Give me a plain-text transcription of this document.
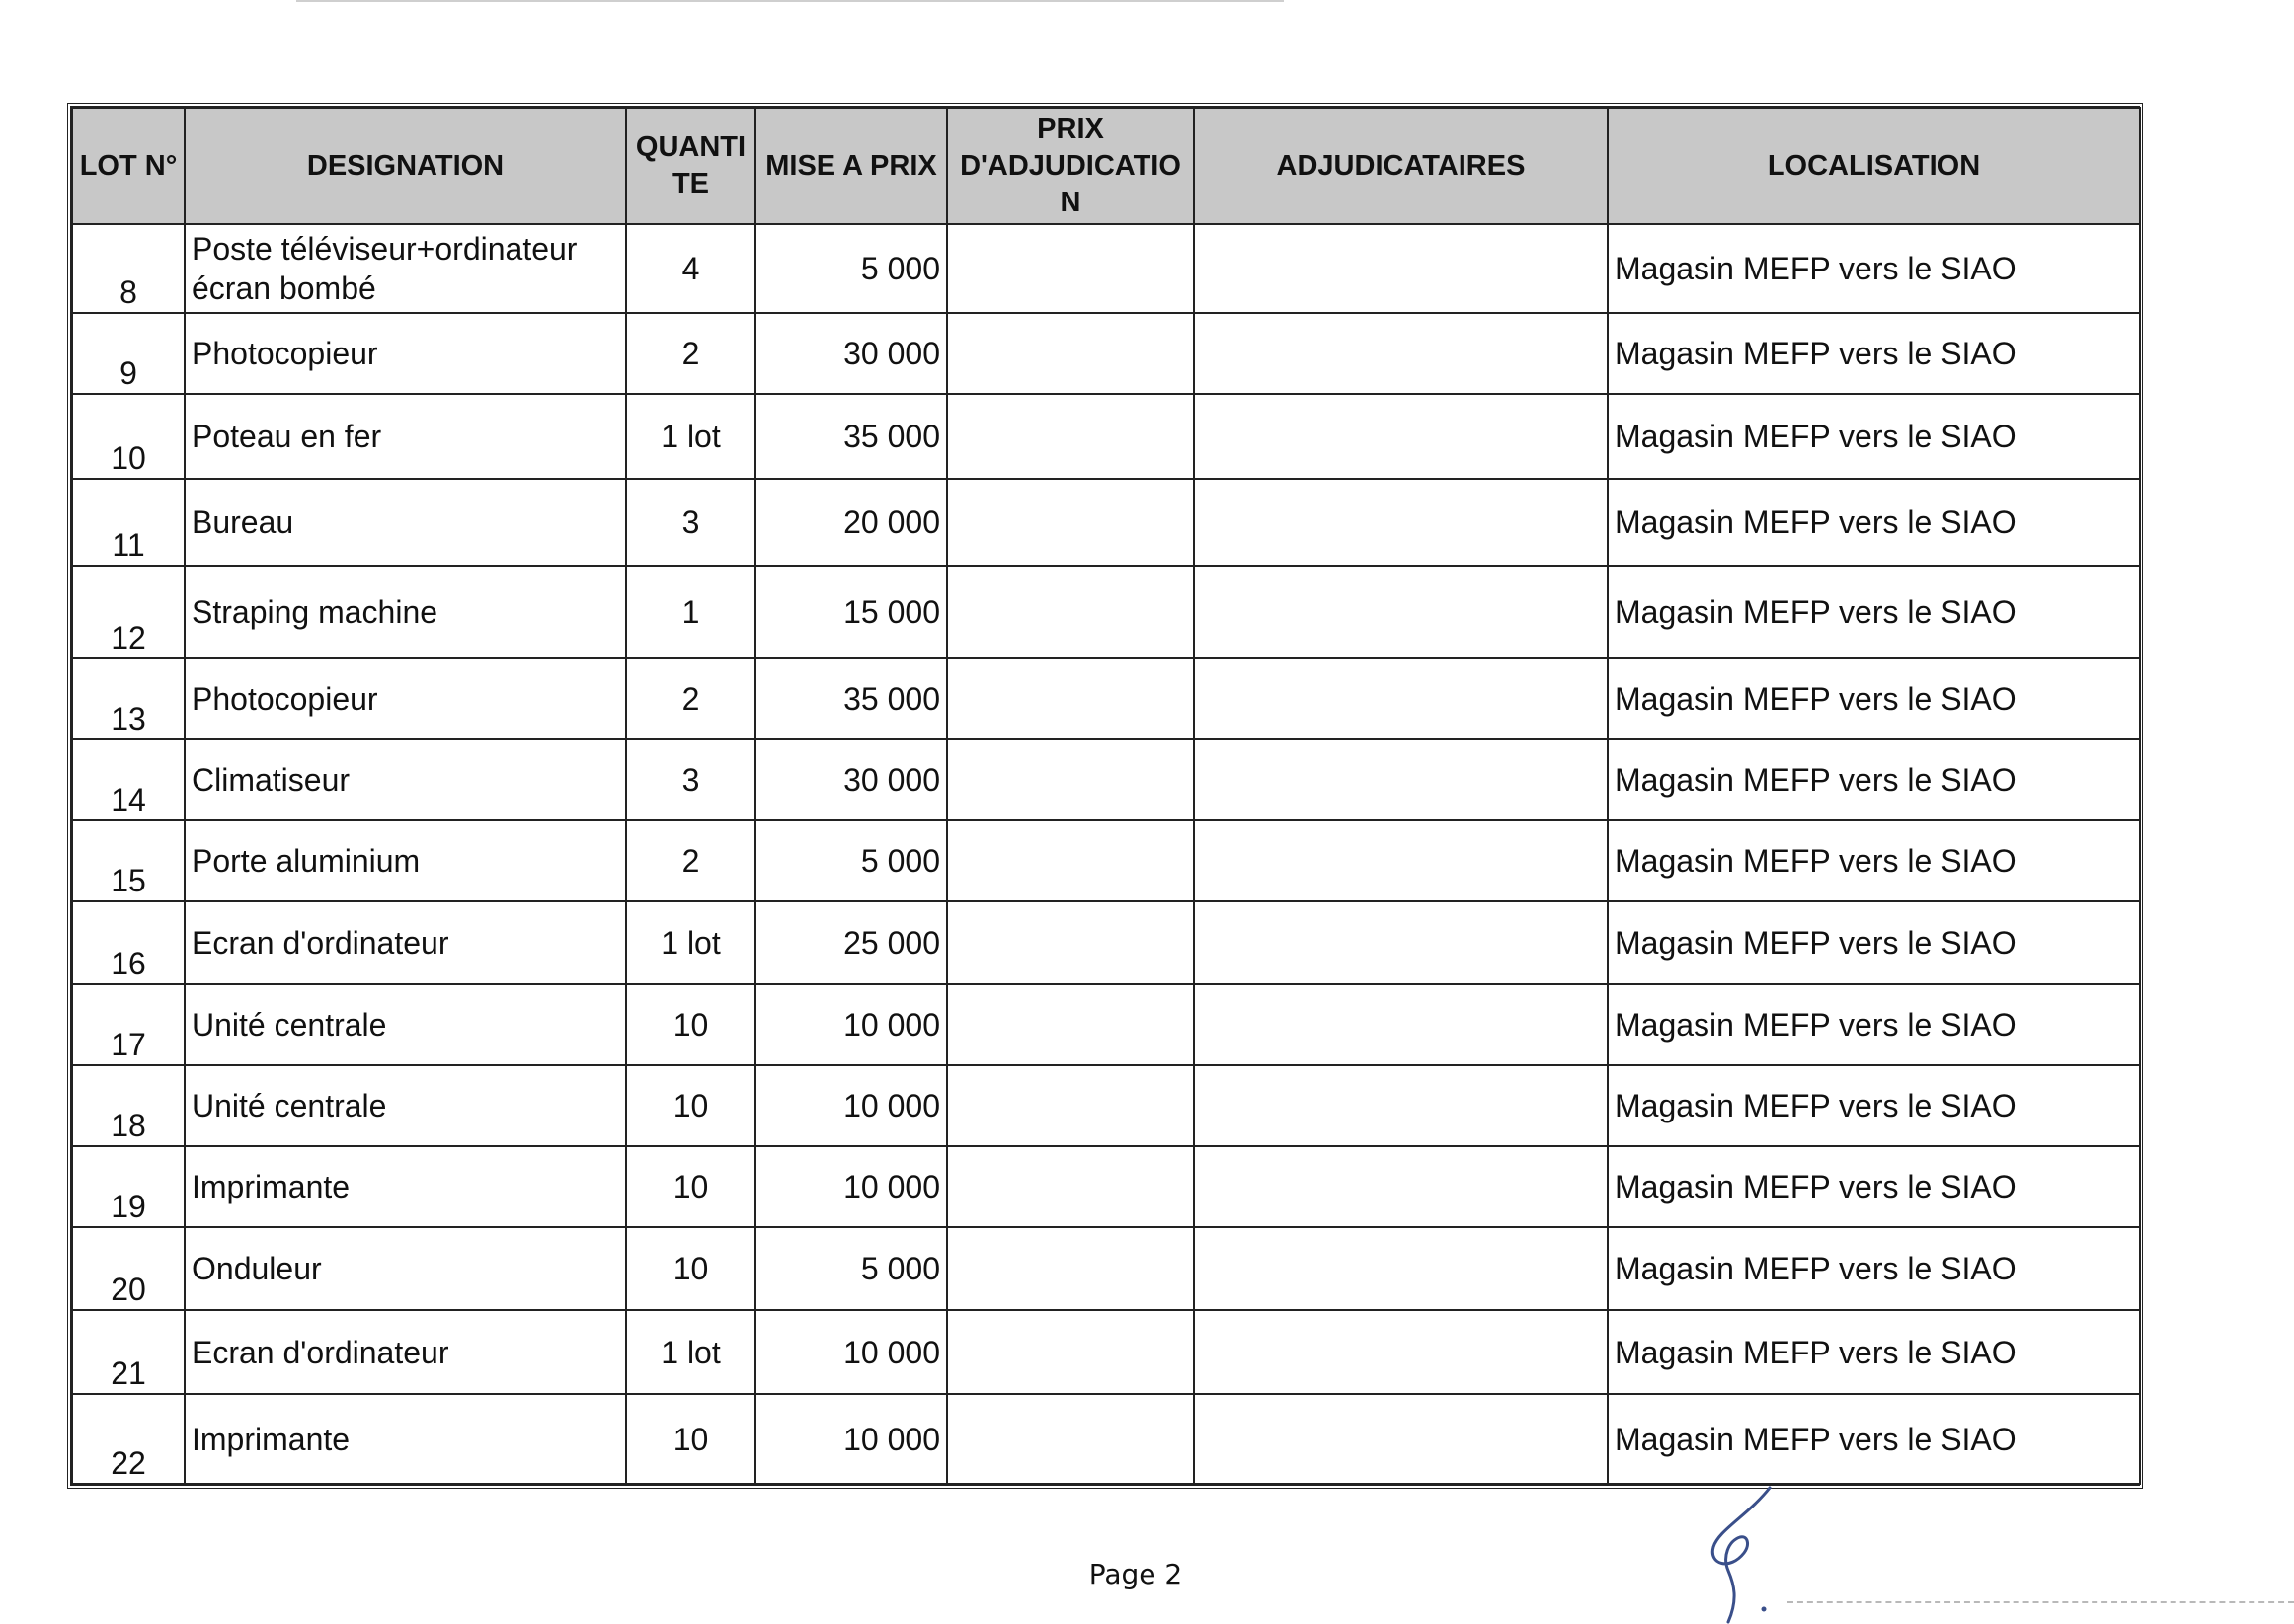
LOT N°	DESIGNATION	QUANTI TE	MISE A PRIX	PRIX D'ADJUDICATIO N	ADJUDICATAIRES	LOCALISATION
8	Poste téléviseur+ordinateur écran bombé	4	5 000			Magasin MEFP vers le SIAO
9	Photocopieur	2	30 000			Magasin MEFP vers le SIAO
10	Poteau en fer	1 lot	35 000			Magasin MEFP vers le SIAO
11	Bureau	3	20 000			Magasin MEFP vers le SIAO
12	Straping machine	1	15 000			Magasin MEFP vers le SIAO
13	Photocopieur	2	35 000			Magasin MEFP vers le SIAO
14	Climatiseur	3	30 000			Magasin MEFP vers le SIAO
15	Porte aluminium	2	5 000			Magasin MEFP vers le SIAO
16	Ecran d'ordinateur	1 lot	25 000			Magasin MEFP vers le SIAO
17	Unité centrale	10	10 000			Magasin MEFP vers le SIAO
18	Unité centrale	10	10 000			Magasin MEFP vers le SIAO
19	Imprimante	10	10 000			Magasin MEFP vers le SIAO
20	Onduleur	10	5 000			Magasin MEFP vers le SIAO
21	Ecran d'ordinateur	1 lot	10 000			Magasin MEFP vers le SIAO
22	Imprimante	10	10 000			Magasin MEFP vers le SIAO
Page 2
